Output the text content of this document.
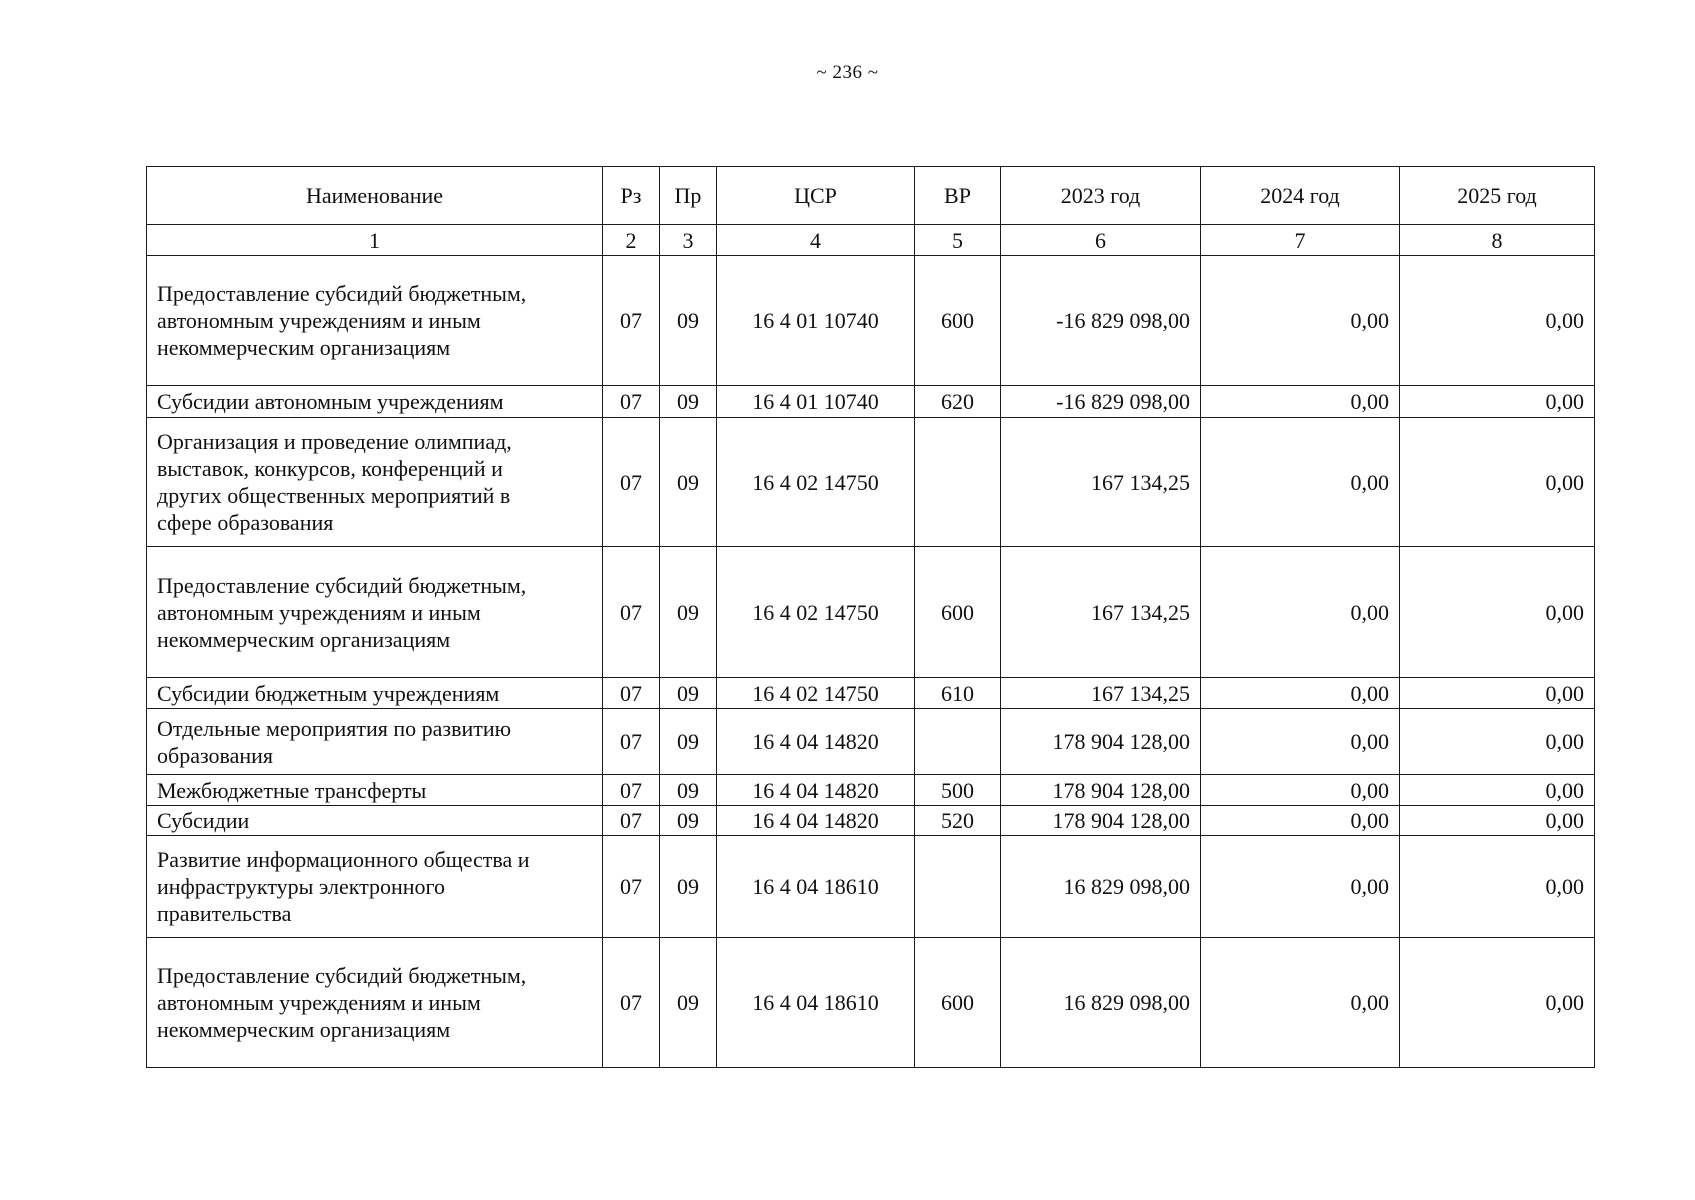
~ 236 ~
Наименование	Рз	Пр	ЦСР	ВР	2023 год	2024 год	2025 год
1	2	3	4	5	6	7	8

Предоставление субсидий бюджетным,
автономным учреждениям и иным
некоммерческим организациям	07	09	16 4 01 10740	600	-16 829 098,00	0,00	0,00

Субсидии автономным учреждениям	07	09	16 4 01 10740	620	-16 829 098,00	0,00	0,00

Организация и проведение олимпиад,
выставок, конкурсов, конференций и
других общественных мероприятий в
сфере образования	07	09	16 4 02 14750		167 134,25	0,00	0,00

Предоставление субсидий бюджетным,
автономным учреждениям и иным
некоммерческим организациям	07	09	16 4 02 14750	600	167 134,25	0,00	0,00

Субсидии бюджетным учреждениям	07	09	16 4 02 14750	610	167 134,25	0,00	0,00

Отдельные мероприятия по развитию
образования	07	09	16 4 04 14820		178 904 128,00	0,00	0,00

Межбюджетные трансферты	07	09	16 4 04 14820	500	178 904 128,00	0,00	0,00

Субсидии	07	09	16 4 04 14820	520	178 904 128,00	0,00	0,00

Развитие информационного общества и
инфраструктуры электронного
правительства	07	09	16 4 04 18610		16 829 098,00	0,00	0,00

Предоставление субсидий бюджетным,
автономным учреждениям и иным
некоммерческим организациям	07	09	16 4 04 18610	600	16 829 098,00	0,00	0,00
